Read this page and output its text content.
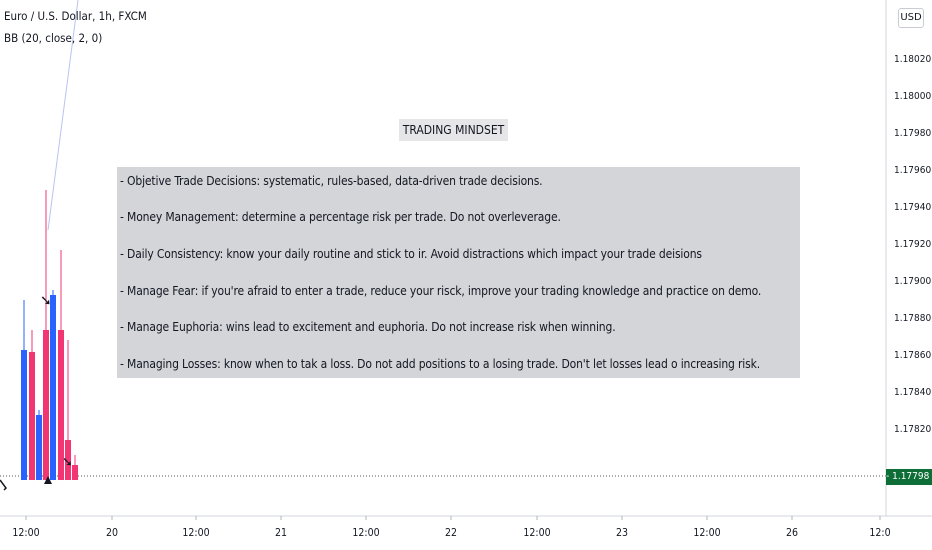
➘
➘
Euro / U.S. Dollar, 1h, FXCM
BB (20, close, 2, 0)
USD
1.18020
1.18000
1.17980
1.17960
1.17940
1.17920
1.17900
1.17880
1.17860
1.17840
1.17820
- 1.17798
12:00	20	12:00	21	12:00	22	12:00	23	12:00	26	12:0
TRADING MINDSET
- Objetive Trade Decisions: systematic, rules-based, data-driven trade decisions.
- Money Management: determine a percentage risk per trade. Do not overleverage.
- Daily Consistency: know your daily routine and stick to ir. Avoid distractions which impact your trade deisions
- Manage Fear: if you're afraid to enter a trade, reduce your risck, improve your trading knowledge and practice on demo.
- Manage Euphoria: wins lead to excitement and euphoria. Do not increase risk when winning.
- Managing Losses: know when to tak a loss. Do not add positions to a losing trade. Don't let losses lead o increasing risk.
